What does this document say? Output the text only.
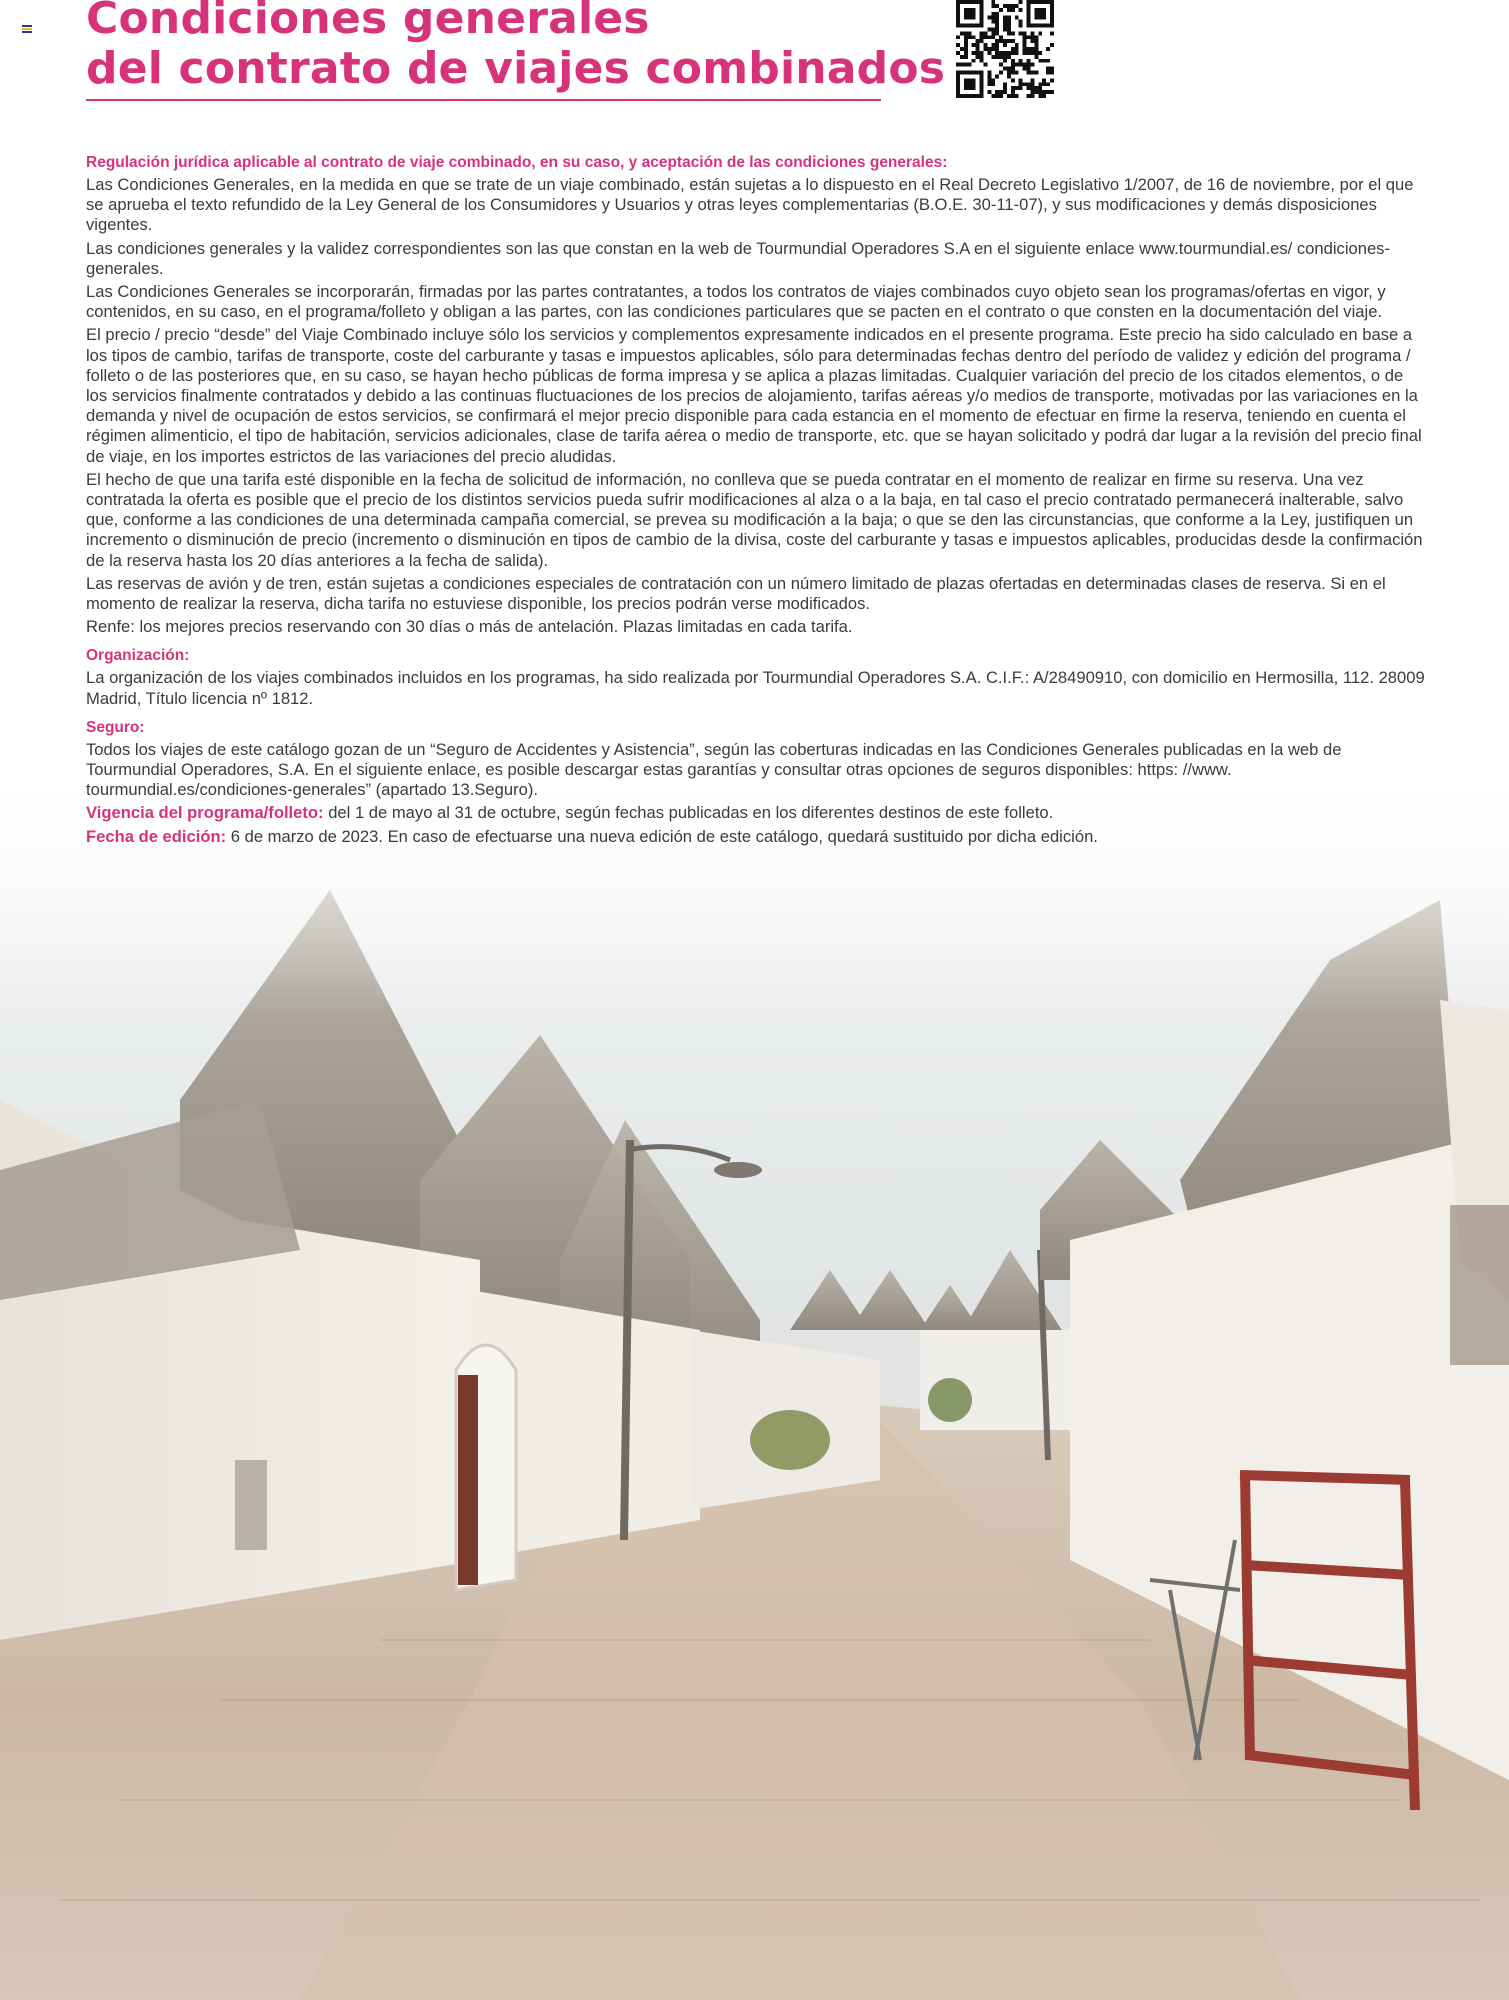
Condiciones generales
del contrato de viajes combinados

Regulación jurídica aplicable al contrato de viaje combinado, en su caso, y aceptación de las condiciones generales:

Las Condiciones Generales, en la medida en que se trate de un viaje combinado, están sujetas a lo dispuesto en el Real Decreto Legislativo 1/2007, de 16 de noviembre, por el que se aprueba el texto refundido de la Ley General de los Consumidores y Usuarios y otras leyes complementarias (B.O.E. 30-11-07), y sus modificaciones y demás disposiciones vigentes.

Las condiciones generales y la validez correspondientes son las que constan en la web de Tourmundial Operadores S.A en el siguiente enlace www.tourmundial.es/ condiciones-generales.

Las Condiciones Generales se incorporarán, firmadas por las partes contratantes, a todos los contratos de viajes combinados cuyo objeto sean los programas/ofertas en vigor, y contenidos, en su caso, en el programa/folleto y obligan a las partes, con las condiciones particulares que se pacten en el contrato o que consten en la documentación del viaje.

El precio / precio “desde” del Viaje Combinado incluye sólo los servicios y complementos expresamente indicados en el presente programa. Este precio ha sido calculado en base a los tipos de cambio, tarifas de transporte, coste del carburante y tasas e impuestos aplicables, sólo para determinadas fechas dentro del período de validez y edición del programa / folleto o de las posteriores que, en su caso, se hayan hecho públicas de forma impresa y se aplica a plazas limitadas. Cualquier variación del precio de los citados elementos, o de los servicios finalmente contratados y debido a las continuas fluctuaciones de los precios de alojamiento, tarifas aéreas y/o medios de transporte, motivadas por las variaciones en la demanda y nivel de ocupación de estos servicios, se confirmará el mejor precio disponible para cada estancia en el momento de efectuar en firme la reserva, teniendo en cuenta el régimen alimenticio, el tipo de habitación, servicios adicionales, clase de tarifa aérea o medio de transporte, etc. que se hayan solicitado y podrá dar lugar a la revisión del precio final de viaje, en los importes estrictos de las variaciones del precio aludidas.

El hecho de que una tarifa esté disponible en la fecha de solicitud de información, no conlleva que se pueda contratar en el momento de realizar en firme su reserva. Una vez contratada la oferta es posible que el precio de los distintos servicios pueda sufrir modificaciones al alza o a la baja, en tal caso el precio contratado permanecerá inalterable, salvo que, conforme a las condiciones de una determinada campaña comercial, se prevea su modificación a la baja; o que se den las circunstancias, que conforme a la Ley, justifiquen un incremento o disminución de precio (incremento o disminución en tipos de cambio de la divisa, coste del carburante y tasas e impuestos aplicables, producidas desde la confirmación de la reserva hasta los 20 días anteriores a la fecha de salida).

Las reservas de avión y de tren, están sujetas a condiciones especiales de contratación con un número limitado de plazas ofertadas en determinadas clases de reserva. Si en el momento de realizar la reserva, dicha tarifa no estuviese disponible, los precios podrán verse modificados.

Renfe: los mejores precios reservando con 30 días o más de antelación. Plazas limitadas en cada tarifa.

Organización:

La organización de los viajes combinados incluidos en los programas, ha sido realizada por Tourmundial Operadores S.A. C.I.F.: A/28490910, con domicilio en Hermosilla, 112. 28009 Madrid, Título licencia nº 1812.

Seguro:

Todos los viajes de este catálogo gozan de un “Seguro de Accidentes y Asistencia”, según las coberturas indicadas en las Condiciones Generales publicadas en la web de Tourmundial Operadores, S.A. En el siguiente enlace, es posible descargar estas garantías y consultar otras opciones de seguros disponibles: https: //www. tourmundial.es/condiciones-generales” (apartado 13.Seguro).

Vigencia del programa/folleto: del 1 de mayo al 31 de octubre, según fechas publicadas en los diferentes destinos de este folleto.

Fecha de edición: 6 de marzo de 2023. En caso de efectuarse una nueva edición de este catálogo, quedará sustituido por dicha edición.
